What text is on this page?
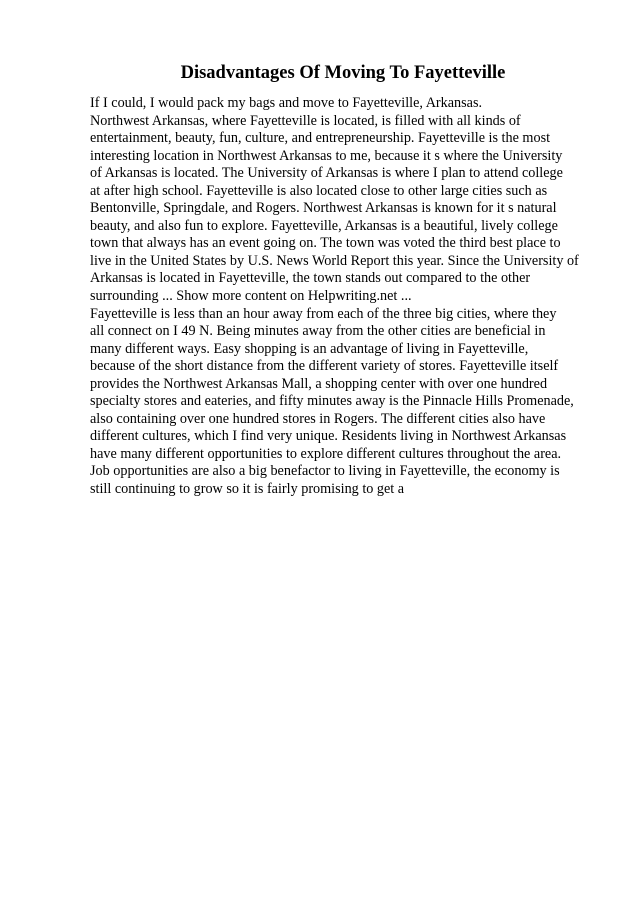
Disadvantages Of Moving To Fayetteville
If I could, I would pack my bags and move to Fayetteville, Arkansas.
Northwest Arkansas, where Fayetteville is located, is filled with all kinds of
entertainment, beauty, fun, culture, and entrepreneurship. Fayetteville is the most
interesting location in Northwest Arkansas to me, because it s where the University
of Arkansas is located. The University of Arkansas is where I plan to attend college
at after high school. Fayetteville is also located close to other large cities such as
Bentonville, Springdale, and Rogers. Northwest Arkansas is known for it s natural
beauty, and also fun to explore. Fayetteville, Arkansas is a beautiful, lively college
town that always has an event going on. The town was voted the third best place to
live in the United States by U.S. News World Report this year. Since the University of
Arkansas is located in Fayetteville, the town stands out compared to the other
surrounding ... Show more content on Helpwriting.net ...
Fayetteville is less than an hour away from each of the three big cities, where they
all connect on I 49 N. Being minutes away from the other cities are beneficial in
many different ways. Easy shopping is an advantage of living in Fayetteville,
because of the short distance from the different variety of stores. Fayetteville itself
provides the Northwest Arkansas Mall, a shopping center with over one hundred
specialty stores and eateries, and fifty minutes away is the Pinnacle Hills Promenade,
also containing over one hundred stores in Rogers. The different cities also have
different cultures, which I find very unique. Residents living in Northwest Arkansas
have many different opportunities to explore different cultures throughout the area.
Job opportunities are also a big benefactor to living in Fayetteville, the economy is
still continuing to grow so it is fairly promising to get a
